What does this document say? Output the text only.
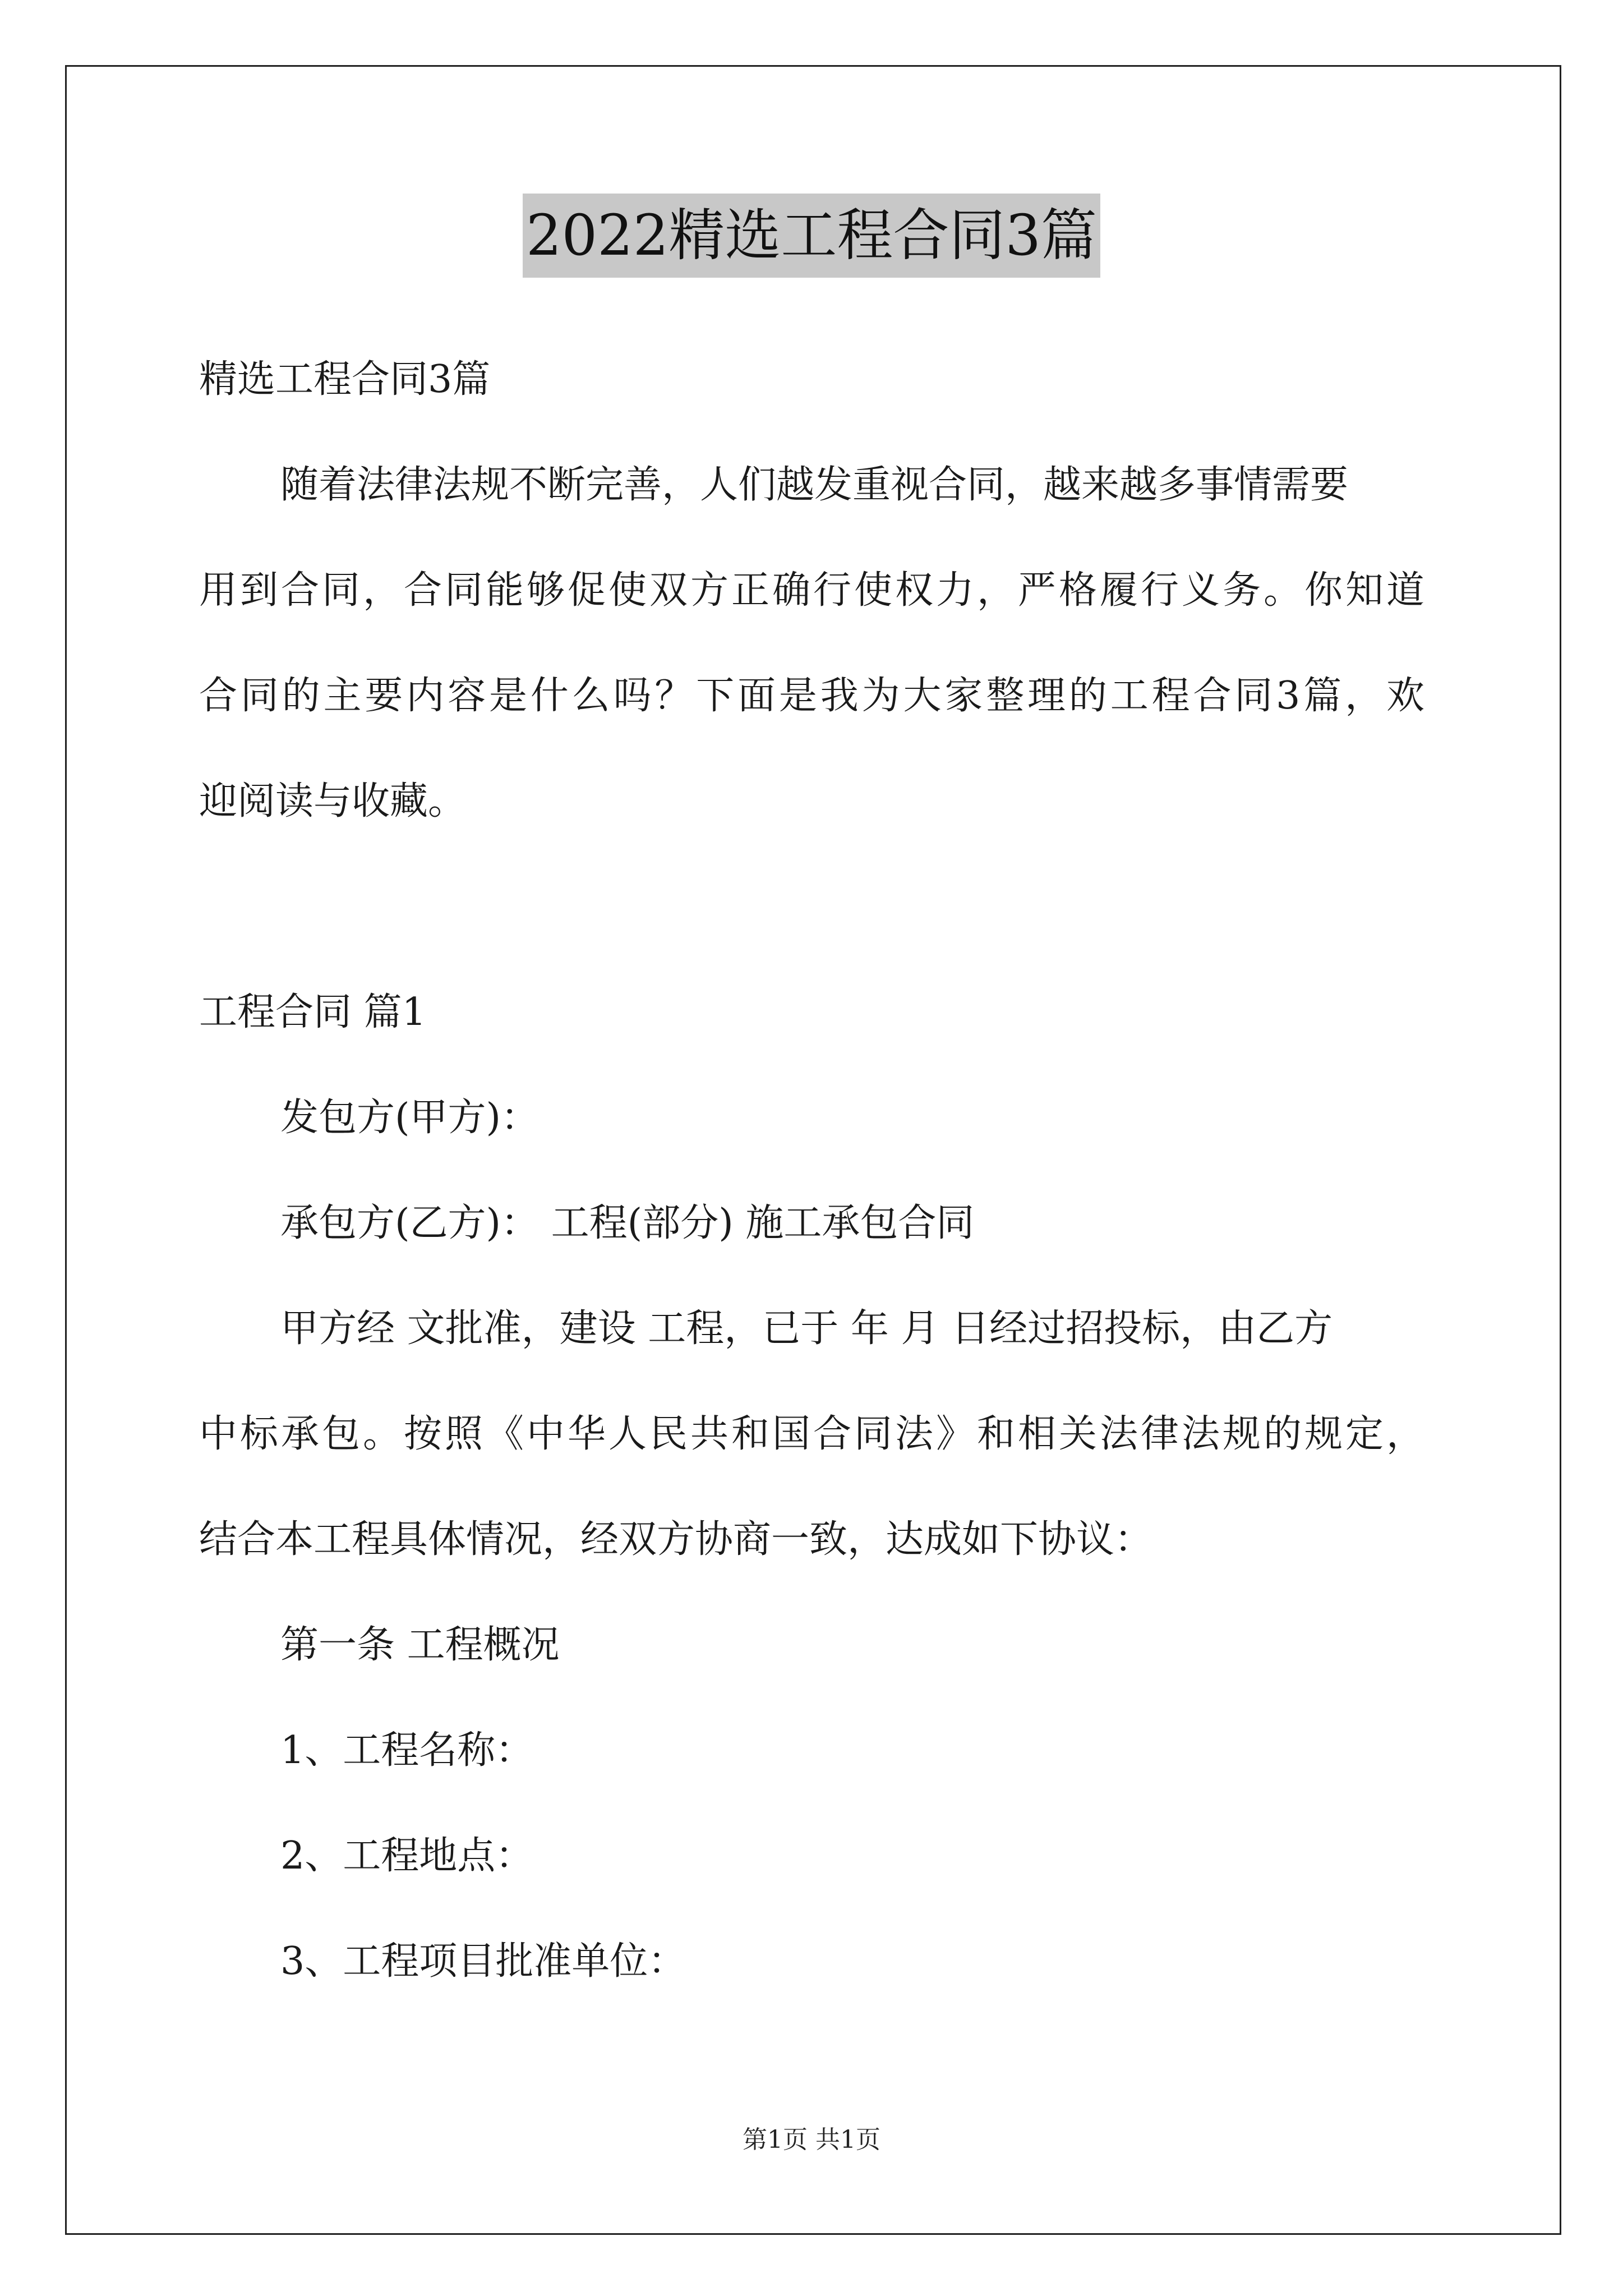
2022精选工程合同3篇
精选工程合同3篇
随着法律法规不断完善，人们越发重视合同，越来越多事情需要
用到合同，合同能够促使双方正确行使权力，严格履行义务。你知道
合同的主要内容是什么吗？下面是我为大家整理的工程合同3篇，欢
迎阅读与收藏。
工程合同 篇1
发包方(甲方)：
承包方(乙方)： 工程(部分) 施工承包合同
甲方经 文批准，建设 工程，已于 年 月 日经过招投标，由乙方
中标承包。按照《中华人民共和国合同法》和相关法律法规的规定，
结合本工程具体情况，经双方协商一致，达成如下协议：
第一条 工程概况
1、工程名称：
2、工程地点：
3、工程项目批准单位：
第1页 共1页
